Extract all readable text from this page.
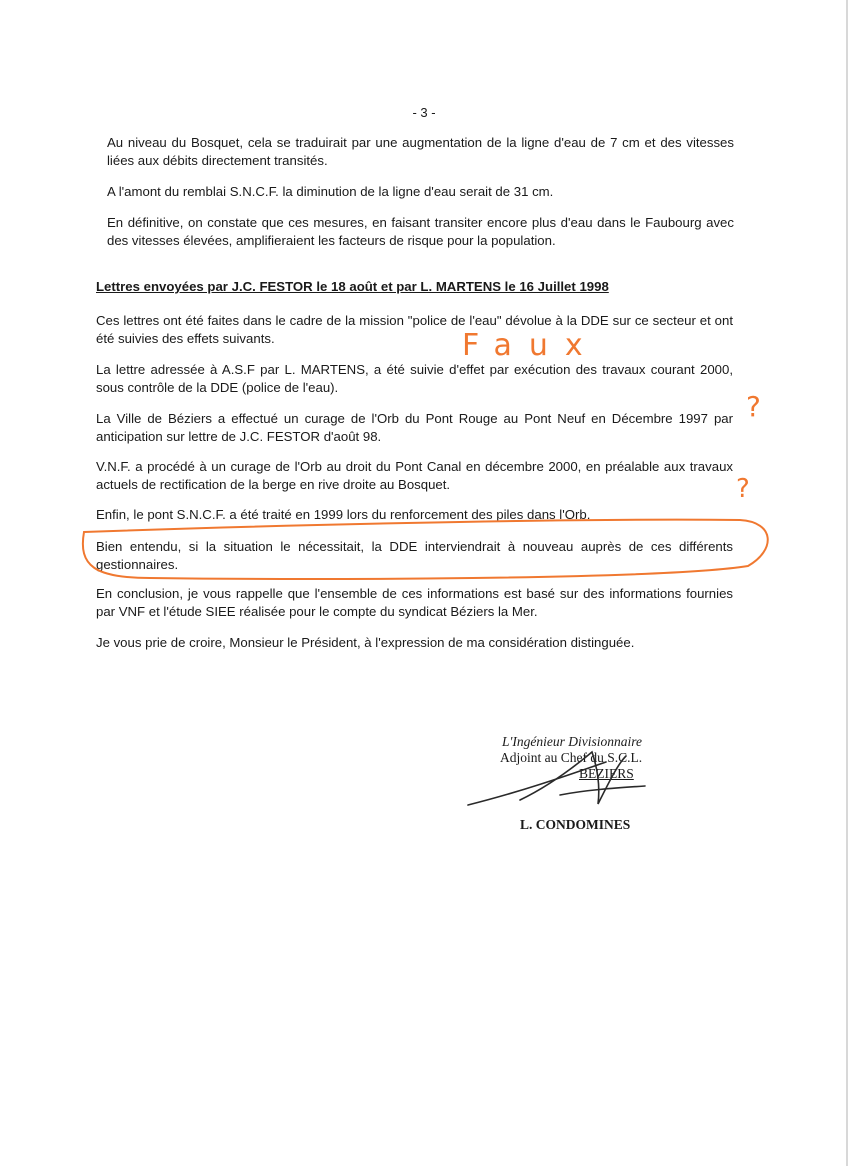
- 3 -

Au niveau du Bosquet, cela se traduirait par une augmentation de la ligne d'eau de 7 cm et des vitesses liées aux débits directement transités.

A l'amont du remblai S.N.C.F. la diminution de la ligne d'eau serait de 31 cm.

En définitive, on constate que ces mesures, en faisant transiter encore plus d'eau dans le Faubourg avec des vitesses élevées, amplifieraient les facteurs de risque pour la population.

Lettres envoyées par J.C. FESTOR le 18 août et par L. MARTENS le 16 Juillet 1998

Ces lettres ont été faites dans le cadre de la mission "police de l'eau" dévolue à la DDE sur ce secteur et ont été suivies des effets suivants.

La lettre adressée à A.S.F par L. MARTENS, a été suivie d'effet par exécution des travaux courant 2000, sous contrôle de la DDE (police de l'eau).

La Ville de Béziers a effectué un curage de l'Orb du Pont Rouge au Pont Neuf en Décembre 1997 par anticipation sur lettre de J.C. FESTOR d'août 98.

V.N.F. a procédé à un curage de l'Orb au droit du Pont Canal en décembre 2000, en préalable aux travaux actuels de rectification de la berge en rive droite au Bosquet.

Enfin, le pont S.N.C.F. a été traité en 1999 lors du renforcement des piles dans l'Orb.

Bien entendu, si la situation le nécessitait, la DDE interviendrait à nouveau auprès de ces différents gestionnaires.

En conclusion, je vous rappelle que l'ensemble de ces informations est basé sur des informations fournies par VNF et l'étude SIEE réalisée pour le compte du syndicat Béziers la Mer.

Je vous prie de croire, Monsieur le Président, à l'expression de ma considération distinguée.

L'Ingénieur Divisionnaire
Adjoint au Chef du S.C.L.
BEZIERS
L. CONDOMINES
Faux
?
?
